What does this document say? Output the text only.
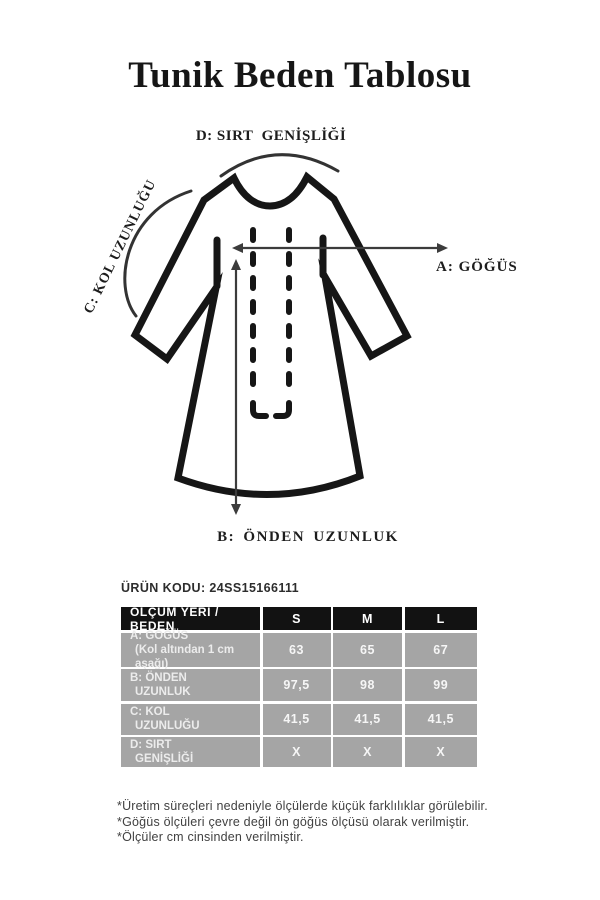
Tunik Beden Tablosu
D: SIRT  GENİŞLİĞİ
C: KOL UZUNLUĞU	A: GÖĞÜS
B: ÖNDEN UZUNLUK
ÜRÜN KODU: 24SS15166111
ÖLÇÜM YERİ / BEDEN	S	M	L
A: GÖĞÜS
(Kol altından 1 cm aşağı)
63	65	67
B: ÖNDEN
UZUNLUK	97,5	98	99
C: KOL
UZUNLUĞU	41,5	41,5	41,5
D: SIRT
GENİŞLİĞİ	X	X	X
*Üretim süreçleri nedeniyle ölçülerde küçük farklılıklar görülebilir.
*Göğüs ölçüleri çevre değil ön göğüs ölçüsü olarak verilmiştir.
*Ölçüler cm cinsinden verilmiştir.
